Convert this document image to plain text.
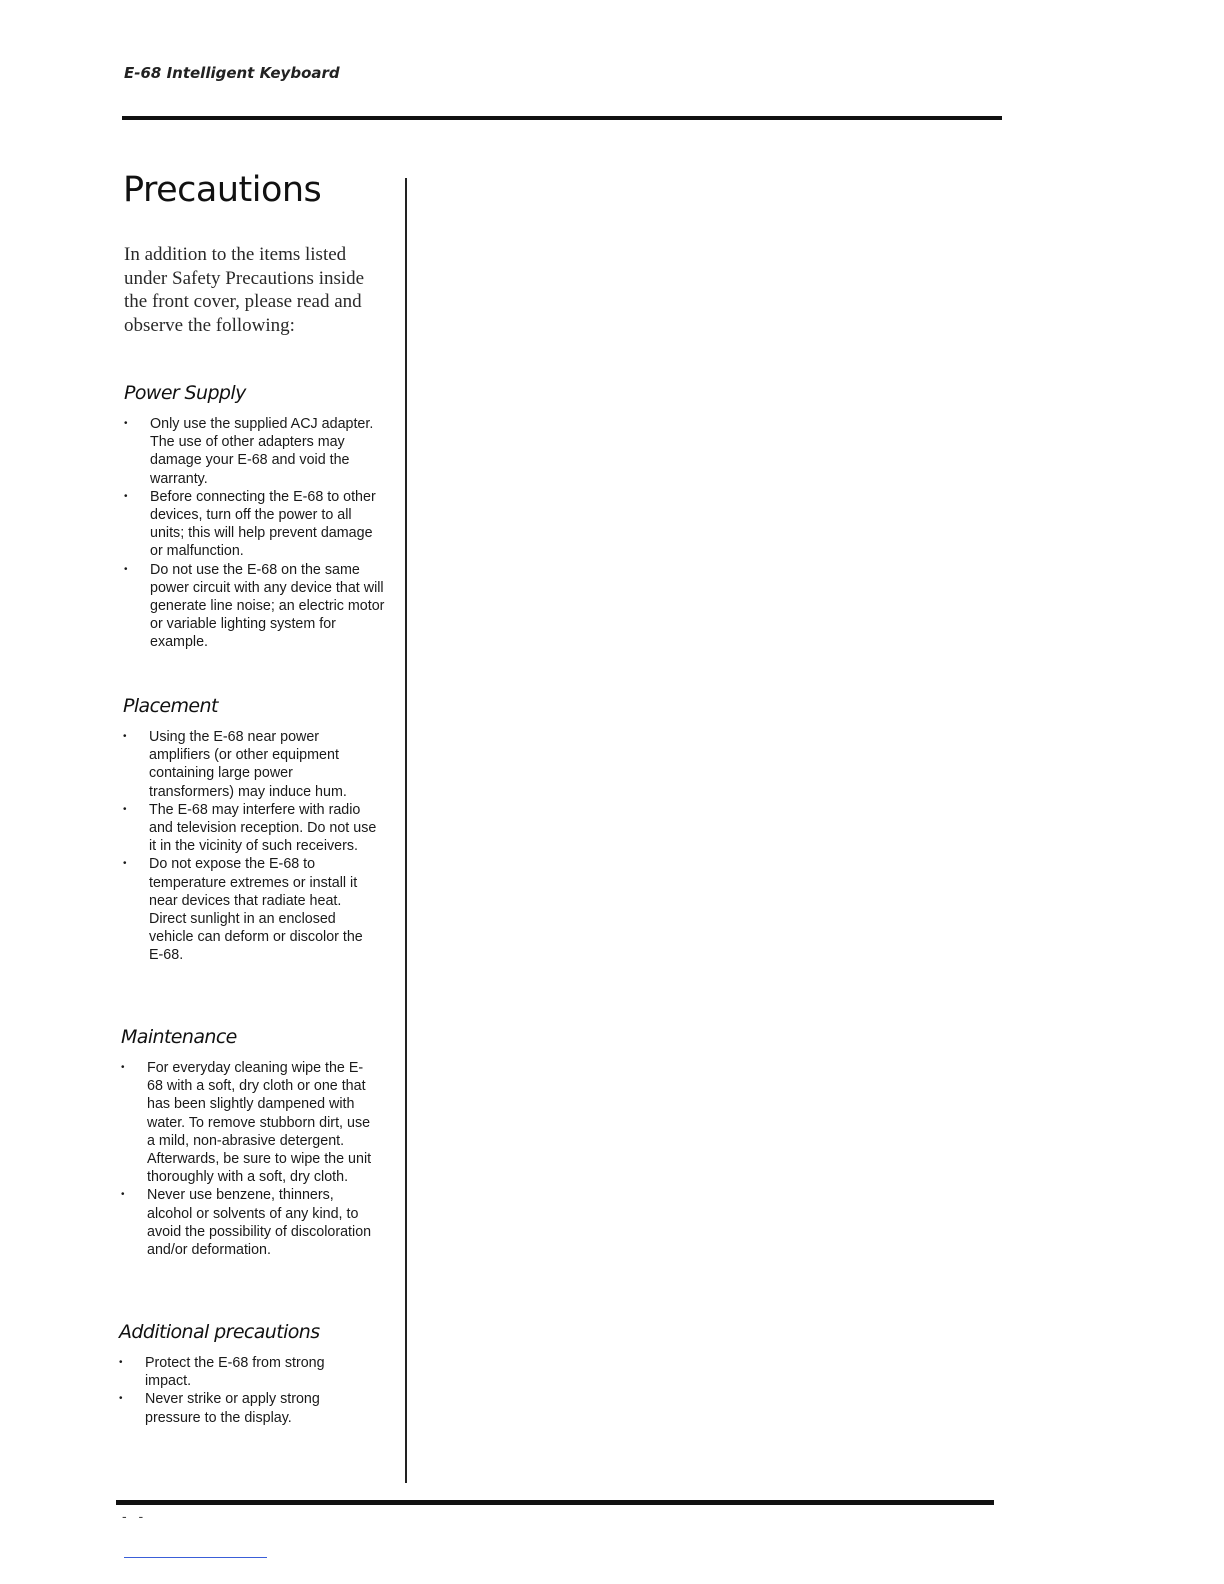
E-68 Intelligent Keyboard
Precautions

In addition to the items listed under Safety Precautions inside the front cover, please read and observe the following:

Power Supply
• Only use the supplied ACJ adapter. The use of other adapters may damage your E-68 and void the warranty.
• Before connecting the E-68 to other devices, turn off the power to all units; this will help prevent damage or malfunction.
• Do not use the E-68 on the same power circuit with any device that will generate line noise; an electric motor or variable lighting system for example.
Placement
• Using the E-68 near power amplifiers (or other equipment containing large power transformers) may induce hum.
• The E-68 may interfere with radio and television reception. Do not use it in the vicinity of such receivers.
• Do not expose the E-68 to temperature extremes or install it near devices that radiate heat. Direct sunlight in an enclosed vehicle can deform or discolor the E-68.
Maintenance
• For everyday cleaning wipe the E-68 with a soft, dry cloth or one that has been slightly dampened with water. To remove stubborn dirt, use a mild, non-abrasive detergent. Afterwards, be sure to wipe the unit thoroughly with a soft, dry cloth.
• Never use benzene, thinners, alcohol or solvents of any kind, to avoid the possibility of discoloration and/or deformation.
Additional precautions
• Protect the E-68 from strong impact.
• Never strike or apply strong pressure to the display.
- -
